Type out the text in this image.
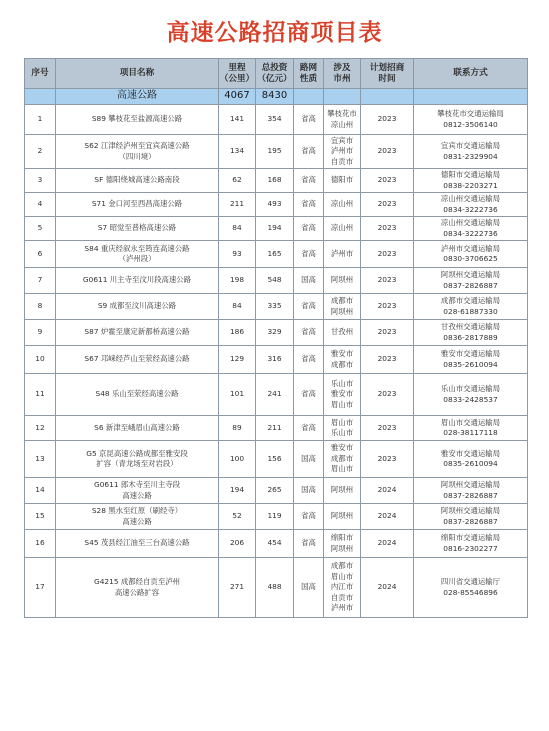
高速公路招商项目表
序号	项目名称	里程
（公里）	总投资
（亿元）	路网
性质	涉及
市州	计划招商
时间	联系方式
	高速公路	4067	8430				
1	S89 攀枝花至盐源高速公路	141	354	省高	攀枝花市
凉山州	2023	攀枝花市交通运输局
0812-3506140
2	S62 江津经泸州至宜宾高速公路
（四川境）	134	195	省高	宜宾市
泸州市
自贡市	2023	宜宾市交通运输局
0831-2329904
3	SF 德阳绕城高速公路南段	62	168	省高	德阳市	2023	德阳市交通运输局
0838-2203271
4	S71 金口河至西昌高速公路	211	493	省高	凉山州	2023	凉山州交通运输局
0834-3222736
5	S7 昭觉至普格高速公路	84	194	省高	凉山州	2023	凉山州交通运输局
0834-3222736
6	S84 重庆经叙永至筠连高速公路
（泸州段）	93	165	省高	泸州市	2023	泸州市交通运输局
0830-3706625
7	G0611 川主寺至汶川段高速公路	198	548	国高	阿坝州	2023	阿坝州交通运输局
0837-2826887
8	S9 成都至汶川高速公路	84	335	省高	成都市
阿坝州	2023	成都市交通运输局
028-61887330
9	S87 炉霍至康定新都桥高速公路	186	329	省高	甘孜州	2023	甘孜州交通运输局
0836-2817889
10	S67 邛崃经芦山至荥经高速公路	129	316	省高	雅安市
成都市	2023	雅安市交通运输局
0835-2610094
11	S48 乐山至荥经高速公路	101	241	省高	乐山市
雅安市
眉山市	2023	乐山市交通运输局
0833-2428537
12	S6 新津至峨眉山高速公路	89	211	省高	眉山市
乐山市	2023	眉山市交通运输局
028-38117118
13	G5 京昆高速公路成都至雅安段
扩容（青龙场至对岩段）	100	156	国高	雅安市
成都市
眉山市	2023	雅安市交通运输局
0835-2610094
14	G0611 郎木寺至川主寺段
高速公路	194	265	国高	阿坝州	2024	阿坝州交通运输局
0837-2826887
15	S28 黑水至红原（刷经寺）
高速公路	52	119	省高	阿坝州	2024	阿坝州交通运输局
0837-2826887
16	S45 茂县经江油至三台高速公路	206	454	省高	绵阳市
阿坝州	2024	绵阳市交通运输局
0816-2302277
17	G4215 成都经自贡至泸州
高速公路扩容	271	488	国高	成都市
眉山市
内江市
自贡市
泸州市	2024	四川省交通运输厅
028-85546896
